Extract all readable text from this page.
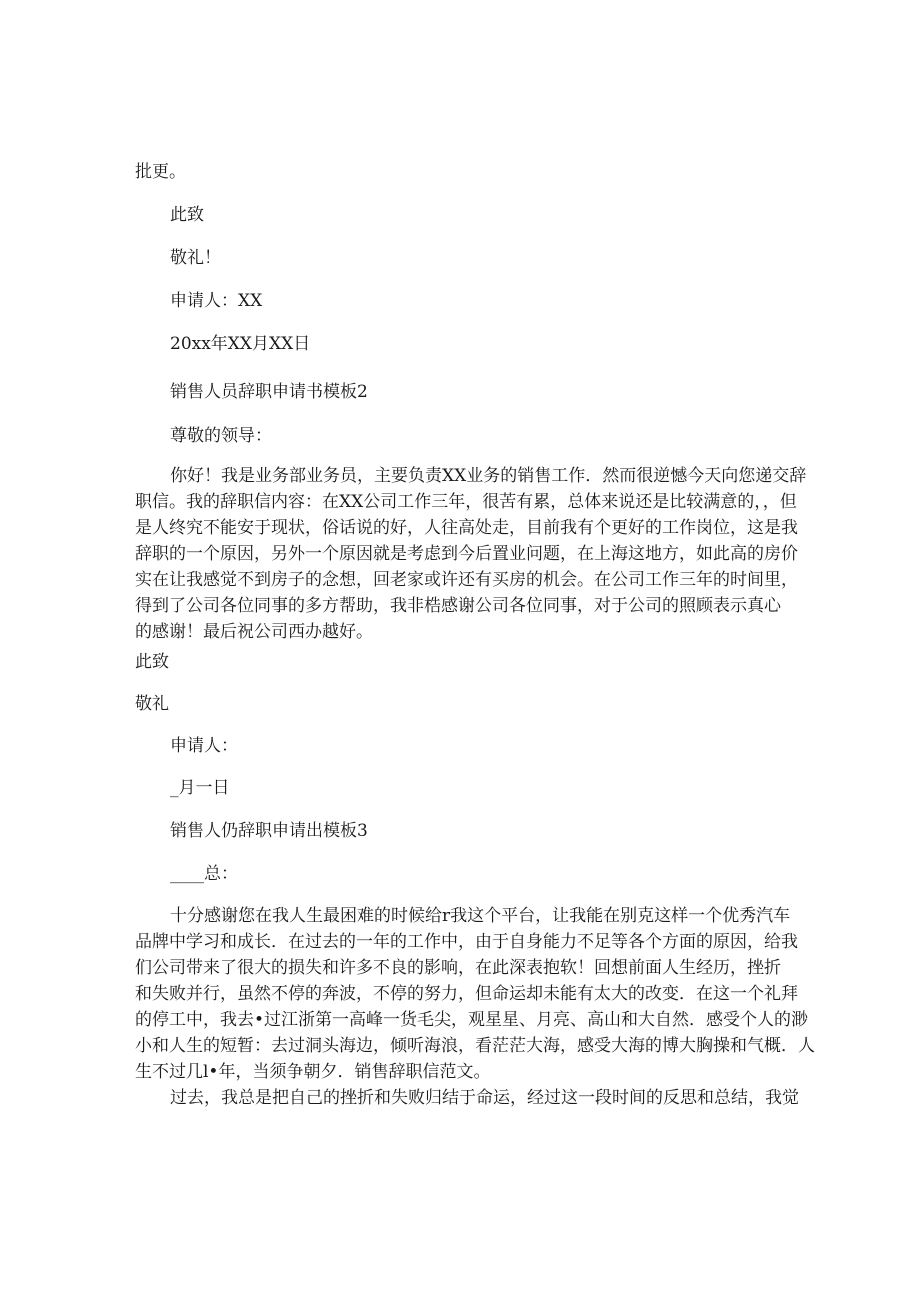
批更。

此致

敬礼！

申请人：XX

20xx年XX月XX日

销售人员辞职申请书模板2

尊敬的领导：

你好！我是业务部业务员，主要负责XX业务的销售工作．然而很逆憾今天向您递交辞
职信。我的辞职信内容：在XX公司工作三年，很苦有累，总体来说还是比较满意的，，但
是人终究不能安于现状，俗话说的好，人往高处走，目前我有个更好的工作岗位，这是我
辞职的一个原因，另外一个原因就是考虑到今后置业问题，在上海这地方，如此高的房价
实在让我感觉不到房子的念想，回老家或许还有买房的机会。在公司工作三年的时间里，
得到了公司各位同事的多方帮助，我非梏感谢公司各位同事，对于公司的照顾表示真心
的感谢！最后祝公司西办越好。

此致

敬礼

申请人：

_月一日

销售人仍辞职申请出模板3

____总：

十分感谢您在我人生最困难的时候给r我这个平台，让我能在别克这样一个优秀汽车
品牌中学习和成长．在过去的一年的工作中，由于自身能力不足等各个方面的原因，给我
们公司带来了很大的损失和许多不良的影响，在此深表抱软！回想前面人生经历，挫折
和失败并行，虽然不停的奔波，不停的努力，但命运却未能有太大的改变．在这一个礼拜
的停工中，我去•过江浙第一高峰一货毛尖，观星星、月亮、高山和大自然．感受个人的渺
小和人生的短暂：去过洞头海边，倾听海浪，看茫茫大海，感受大海的博大胸操和气概．人
生不过几l•年，当须争朝夕．销售辞职信范文。
过去，我总是把自己的挫折和失败归结于命运，经过这一段时间的反思和总结，我觉
